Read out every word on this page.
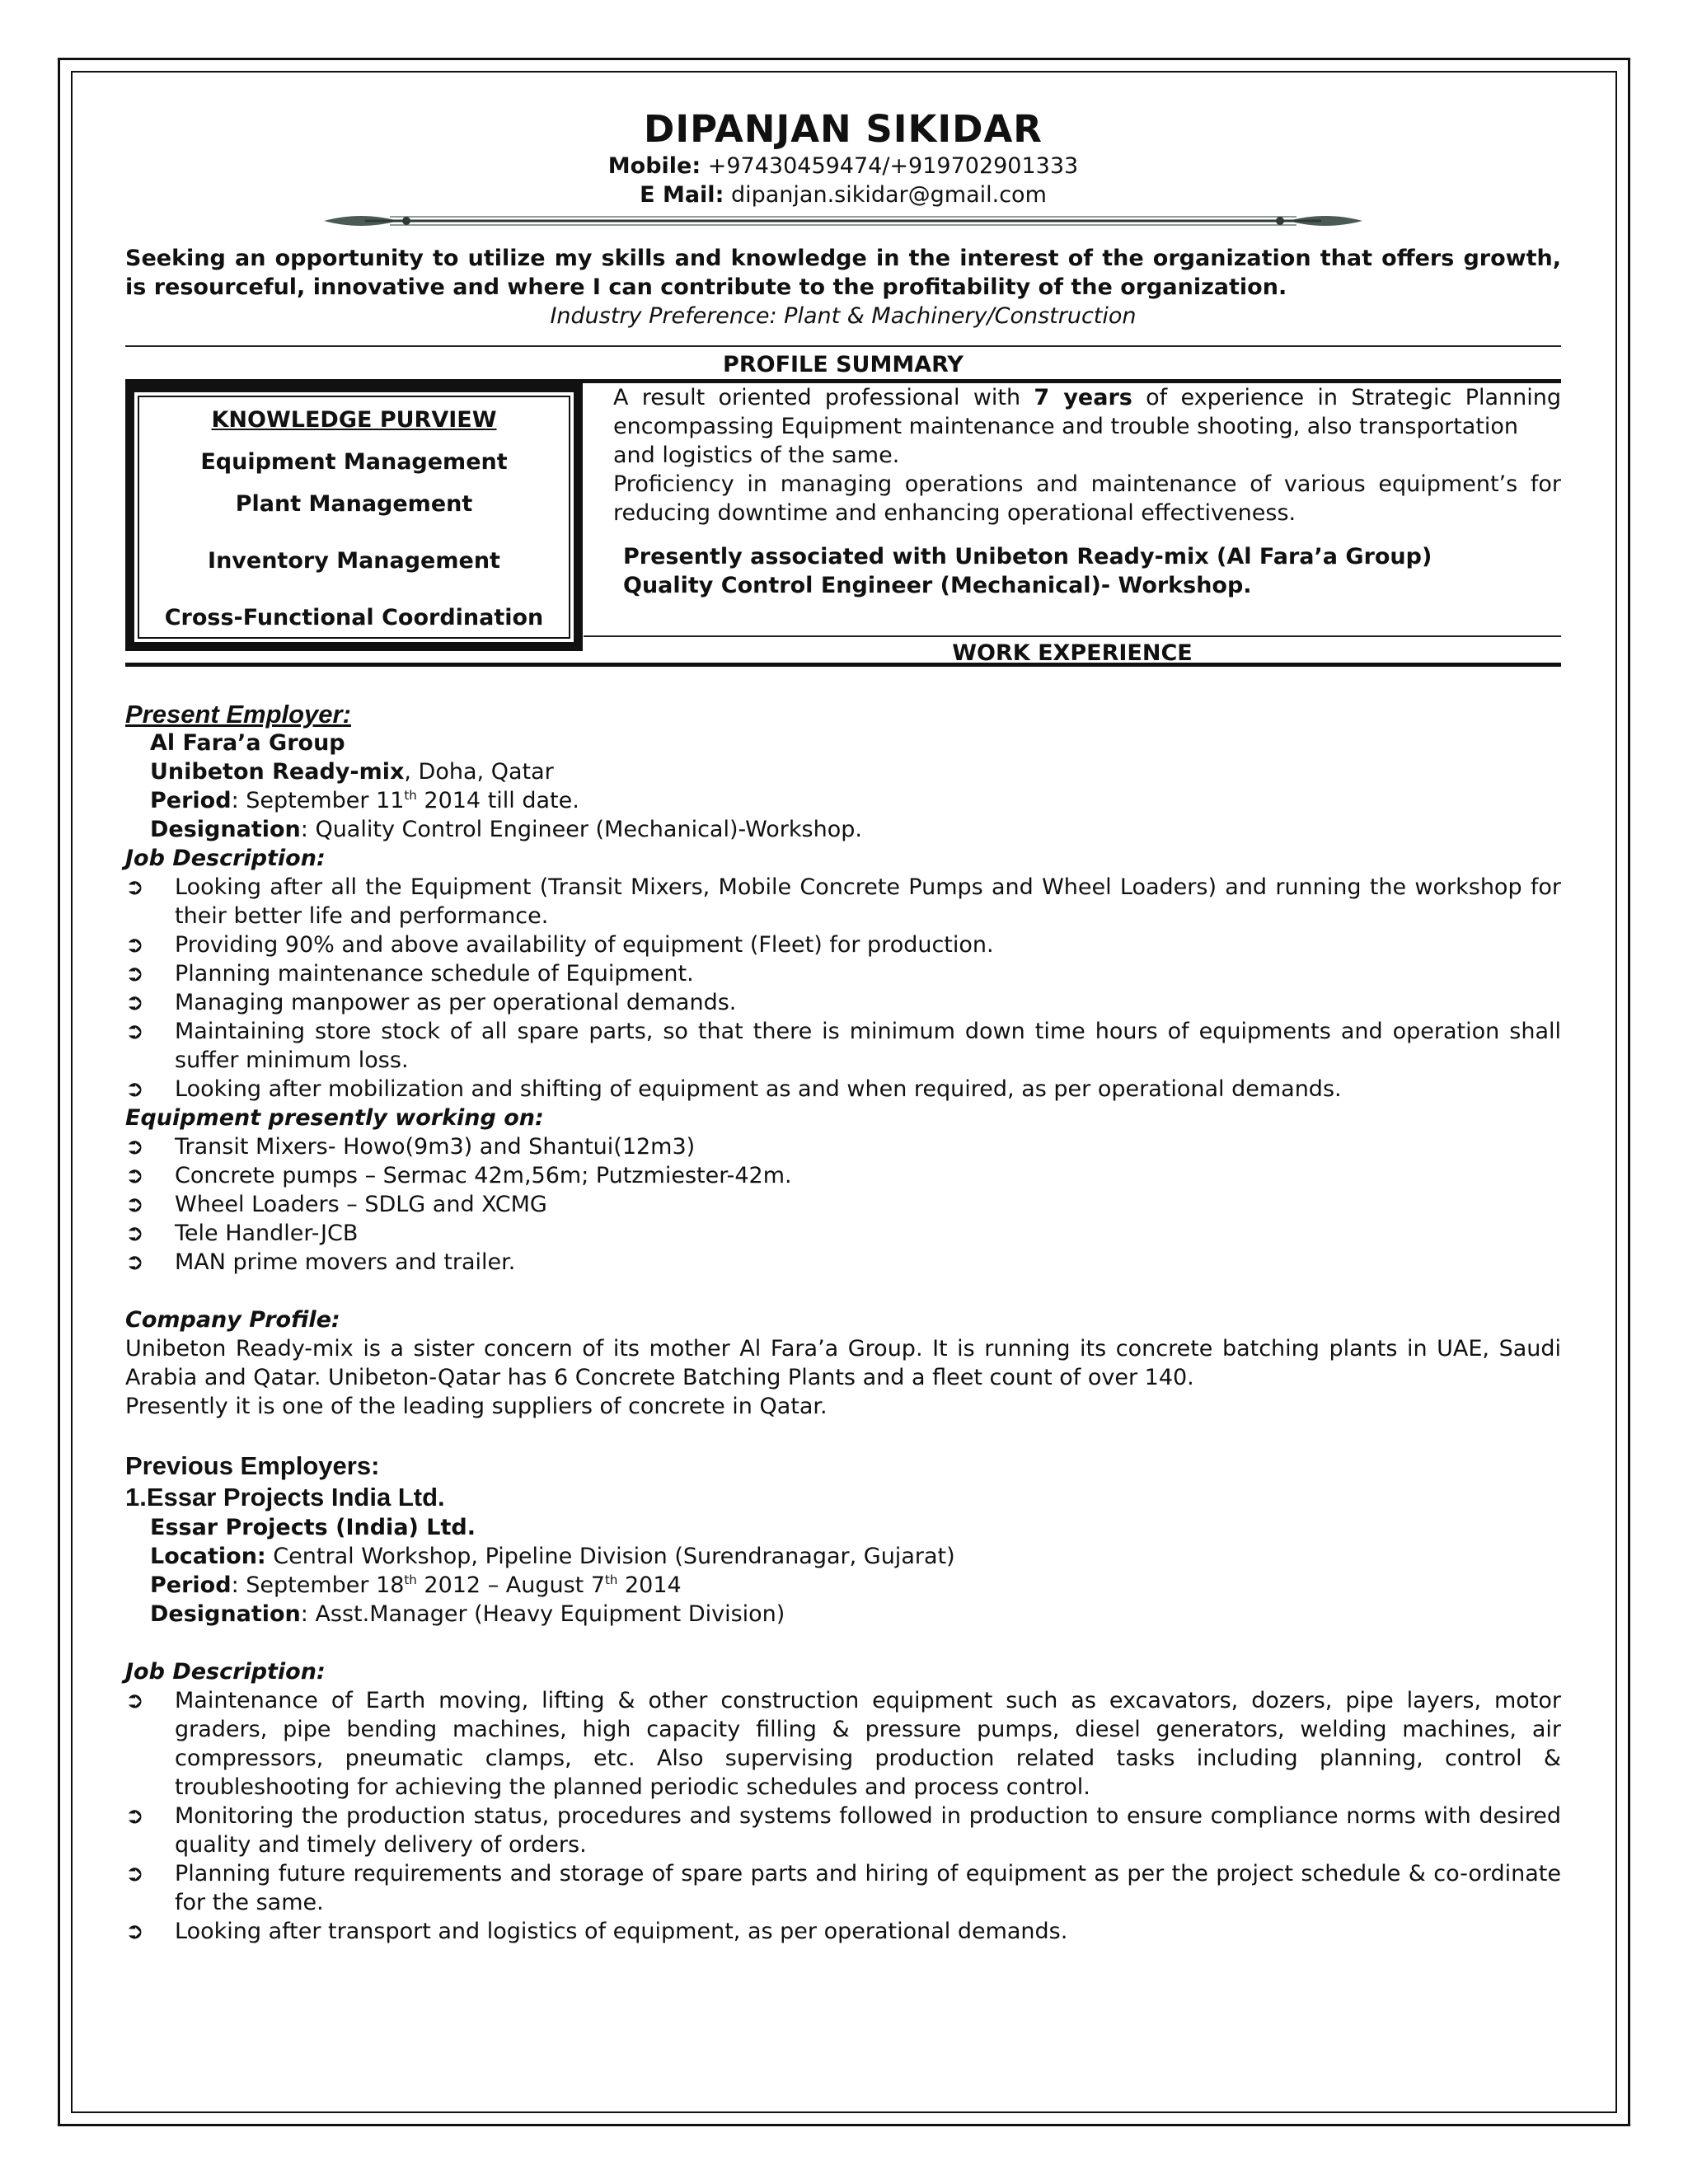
DIPANJAN SIKIDAR
Mobile: +97430459474/+919702901333
E Mail: dipanjan.sikidar@gmail.com
Seeking an opportunity to utilize my skills and knowledge in the interest of the organization that offers growth, is resourceful, innovative and where I can contribute to the profitability of the organization.
Industry Preference: Plant & Machinery/Construction
PROFILE SUMMARY
KNOWLEDGE PURVIEW
Equipment Management
Plant Management
Inventory Management
Cross-Functional Coordination
A result oriented professional with 7 years of experience in Strategic Planning encompassing Equipment maintenance and trouble shooting, also transportation
and logistics of the same.
Proficiency in managing operations and maintenance of various equipment’s for reducing downtime and enhancing operational effectiveness.
Presently associated with Unibeton Ready-mix (Al Fara’a Group)
Quality Control Engineer (Mechanical)- Workshop.
WORK EXPERIENCE
Present Employer:
Al Fara’a Group
Unibeton Ready-mix, Doha, Qatar
Period: September 11th 2014 till date.
Designation: Quality Control Engineer (Mechanical)-Workshop.
Job Description:
➲ Looking after all the Equipment (Transit Mixers, Mobile Concrete Pumps and Wheel Loaders) and running the workshop for their better life and performance.
➲ Providing 90% and above availability of equipment (Fleet) for production.
➲ Planning maintenance schedule of Equipment.
➲ Managing manpower as per operational demands.
➲ Maintaining store stock of all spare parts, so that there is minimum down time hours of equipments and operation shall suffer minimum loss.
➲ Looking after mobilization and shifting of equipment as and when required, as per operational demands.
Equipment presently working on:
➲ Transit Mixers- Howo(9m3) and Shantui(12m3)
➲ Concrete pumps – Sermac 42m,56m; Putzmiester-42m.
➲ Wheel Loaders – SDLG and XCMG
➲ Tele Handler-JCB
➲ MAN prime movers and trailer.
Company Profile:
Unibeton Ready-mix is a sister concern of its mother Al Fara’a Group. It is running its concrete batching plants in UAE, Saudi Arabia and Qatar. Unibeton-Qatar has 6 Concrete Batching Plants and a fleet count of over 140.
Presently it is one of the leading suppliers of concrete in Qatar.
Previous Employers:
1.Essar Projects India Ltd.
Essar Projects (India) Ltd.
Location: Central Workshop, Pipeline Division (Surendranagar, Gujarat)
Period: September 18th 2012 – August 7th 2014
Designation: Asst.Manager (Heavy Equipment Division)
Job Description:
➲ Maintenance of Earth moving, lifting & other construction equipment such as excavators, dozers, pipe layers, motor graders, pipe bending machines, high capacity filling & pressure pumps, diesel generators, welding machines, air compressors, pneumatic clamps, etc. Also supervising production related tasks including planning, control & troubleshooting for achieving the planned periodic schedules and process control.
➲ Monitoring the production status, procedures and systems followed in production to ensure compliance norms with desired quality and timely delivery of orders.
➲ Planning future requirements and storage of spare parts and hiring of equipment as per the project schedule & co-ordinate for the same.
➲ Looking after transport and logistics of equipment, as per operational demands.
